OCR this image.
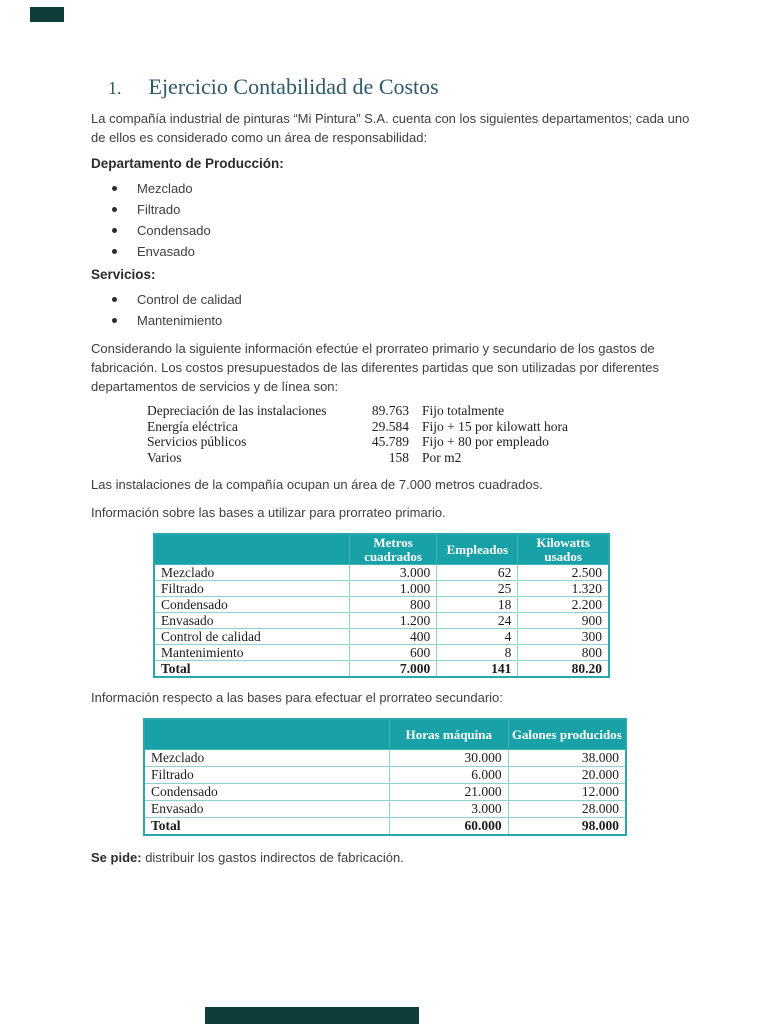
1. Ejercicio Contabilidad de Costos

La compañía industrial de pinturas “Mi Pintura” S.A. cuenta con los siguientes departamentos; cada uno de ellos es considerado como un área de responsabilidad:

Departamento de Producción:
Mezclado
Filtrado
Condensado
Envasado
Servicios:
Control de calidad
Mantenimiento

Considerando la siguiente información efectúe el prorrateo primario y secundario de los gastos de fabricación. Los costos presupuestados de las diferentes partidas que son utilizadas por diferentes departamentos de servicios y de línea son:

Depreciación de las instalaciones	89.763 Fijo totalmente
Energía eléctrica	29.584 Fijo + 15 por kilowatt hora
Servicios públicos	45.789 Fijo + 80 por empleado
Varios	158 Por m2

Las instalaciones de la compañía ocupan un área de 7.000 metros cuadrados.

Información sobre las bases a utilizar para prorrateo primario.

	Metros cuadrados	Empleados	Kilowatts usados
Mezclado	3.000	62	2.500
Filtrado	1.000	25	1.320
Condensado	800	18	2.200
Envasado	1.200	24	900
Control de calidad	400	4	300
Mantenimiento	600	8	800
Total	7.000	141	80.20

Información respecto a las bases para efectuar el prorrateo secundario:

	Horas máquina	Galones producidos
Mezclado	30.000	38.000
Filtrado	6.000	20.000
Condensado	21.000	12.000
Envasado	3.000	28.000
Total	60.000	98.000

Se pide: distribuir los gastos indirectos de fabricación.
